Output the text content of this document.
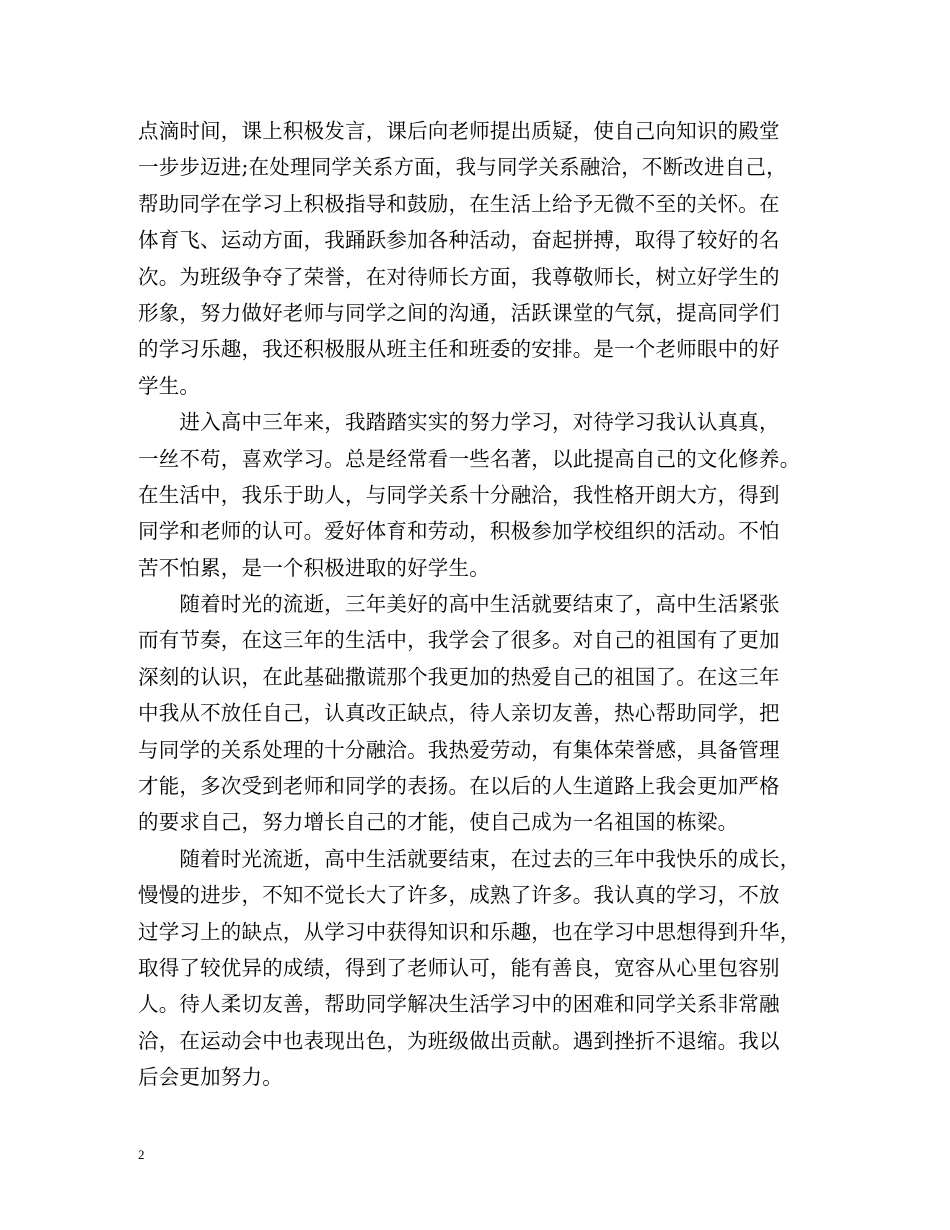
点滴时间，课上积极发言，课后向老师提出质疑，使自己向知识的殿堂
一步步迈进;在处理同学关系方面，我与同学关系融洽，不断改进自己，
帮助同学在学习上积极指导和鼓励，在生活上给予无微不至的关怀。在
体育飞、运动方面，我踊跃参加各种活动，奋起拼搏，取得了较好的名
次。为班级争夺了荣誉，在对待师长方面，我尊敬师长，树立好学生的
形象，努力做好老师与同学之间的沟通，活跃课堂的气氛，提高同学们
的学习乐趣，我还积极服从班主任和班委的安排。是一个老师眼中的好
学生。
　　进入高中三年来，我踏踏实实的努力学习，对待学习我认认真真，
一丝不苟，喜欢学习。总是经常看一些名著，以此提高自己的文化修养。
在生活中，我乐于助人，与同学关系十分融洽，我性格开朗大方，得到
同学和老师的认可。爱好体育和劳动，积极参加学校组织的活动。不怕
苦不怕累，是一个积极进取的好学生。
　　随着时光的流逝，三年美好的高中生活就要结束了，高中生活紧张
而有节奏，在这三年的生活中，我学会了很多。对自己的祖国有了更加
深刻的认识，在此基础撒谎那个我更加的热爱自己的祖国了。在这三年
中我从不放任自己，认真改正缺点，待人亲切友善，热心帮助同学，把
与同学的关系处理的十分融洽。我热爱劳动，有集体荣誉感，具备管理
才能，多次受到老师和同学的表扬。在以后的人生道路上我会更加严格
的要求自己，努力增长自己的才能，使自己成为一名祖国的栋梁。
　　随着时光流逝，高中生活就要结束，在过去的三年中我快乐的成长，
慢慢的进步，不知不觉长大了许多，成熟了许多。我认真的学习，不放
过学习上的缺点，从学习中获得知识和乐趣，也在学习中思想得到升华，
取得了较优异的成绩，得到了老师认可，能有善良，宽容从心里包容别
人。待人柔切友善，帮助同学解决生活学习中的困难和同学关系非常融
洽，在运动会中也表现出色，为班级做出贡献。遇到挫折不退缩。我以
后会更加努力。
2
